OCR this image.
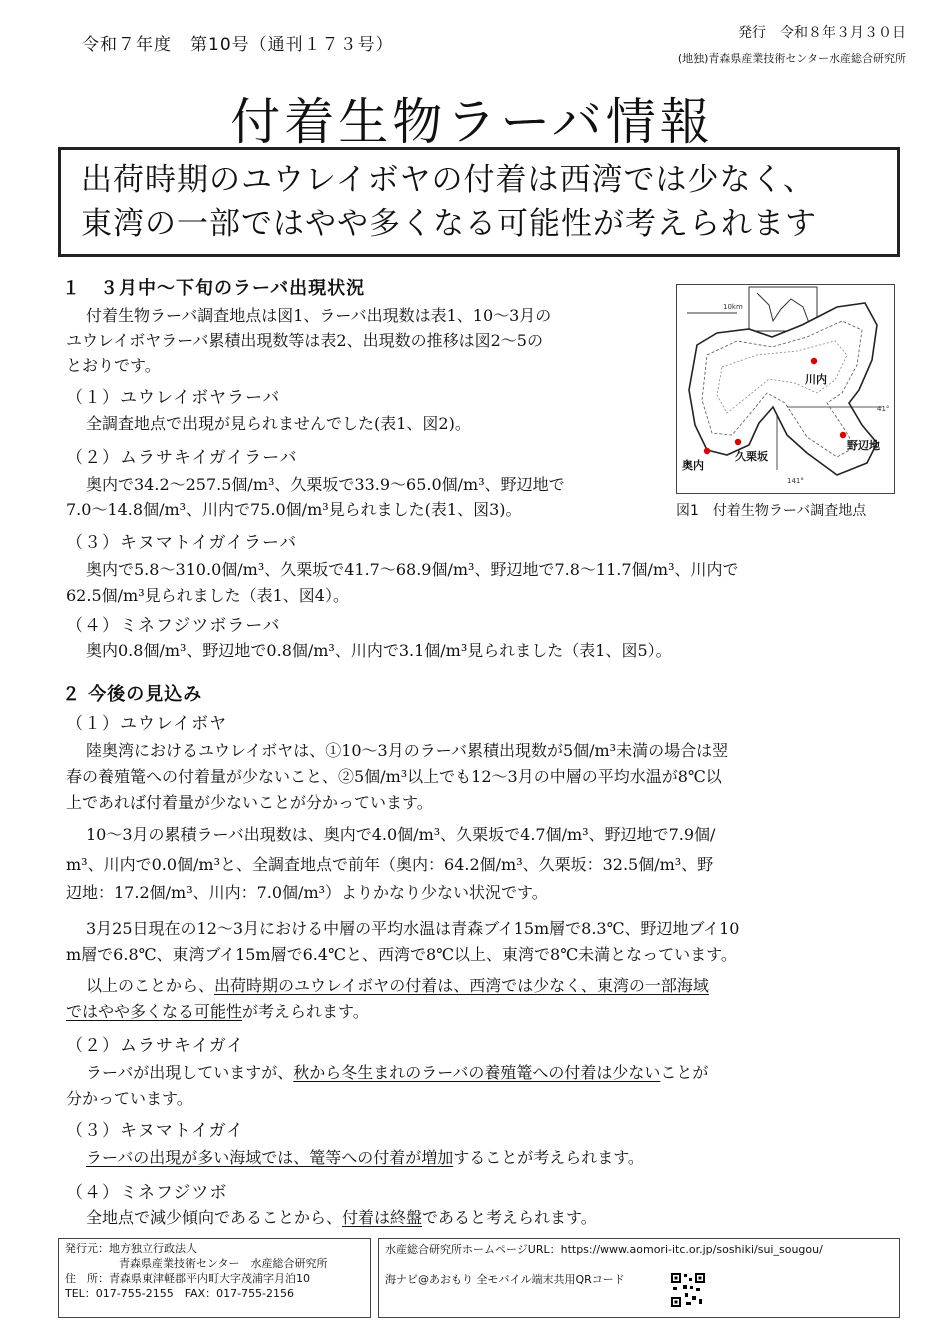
令和７年度　第10号（通刊１７３号）
発行　令和８年３月３０日
(地独)青森県産業技術センター水産総合研究所
付着生物ラーバ情報
出荷時期のユウレイボヤの付着は西湾では少なく、
東湾の一部ではやや多くなる可能性が考えられます
１　３月中～下旬のラーバ出現状況
付着生物ラーバ調査地点は図1、ラーバ出現数は表1、10～3月の
ユウレイボヤラーバ累積出現数等は表2、出現数の推移は図2～5の
とおりです。
（１）ユウレイボヤラーバ
全調査地点で出現が見られませんでした(表1、図2)。
（２）ムラサキイガイラーバ
奥内で34.2～257.5個/m³、久栗坂で33.9～65.0個/m³、野辺地で
7.0～14.8個/m³、川内で75.0個/m³見られました(表1、図3)。
（３）キヌマトイガイラーバ
奥内で5.8～310.0個/m³、久栗坂で41.7～68.9個/m³、野辺地で7.8～11.7個/m³、川内で
62.5個/m³見られました（表1、図4）。
（４）ミネフジツボラーバ
奥内0.8個/m³、野辺地で0.8個/m³、川内で3.1個/m³見られました（表1、図5）。
10km
41°
141°
川内
野辺地
久栗坂
奥内
図1　付着生物ラーバ調査地点
２ 今後の見込み
（１）ユウレイボヤ
陸奥湾におけるユウレイボヤは、①10～3月のラーバ累積出現数が5個/m³未満の場合は翌
春の養殖篭への付着量が少ないこと、②5個/m³以上でも12～3月の中層の平均水温が8℃以
上であれば付着量が少ないことが分かっています。
10～3月の累積ラーバ出現数は、奥内で4.0個/m³、久栗坂で4.7個/m³、野辺地で7.9個/
m³、川内で0.0個/m³と、全調査地点で前年（奥内：64.2個/m³、久栗坂：32.5個/m³、野
辺地：17.2個/m³、川内：7.0個/m³）よりかなり少ない状況です。
3月25日現在の12～3月における中層の平均水温は青森ブイ15m層で8.3℃、野辺地ブイ10
m層で6.8℃、東湾ブイ15m層で6.4℃と、西湾で8℃以上、東湾で8℃未満となっています。
以上のことから、出荷時期のユウレイボヤの付着は、西湾では少なく、東湾の一部海域
ではやや多くなる可能性が考えられます。
（２）ムラサキイガイ
ラーバが出現していますが、秋から冬生まれのラーバの養殖篭への付着は少ないことが
分かっています。
（３）キヌマトイガイ
ラーバの出現が多い海域では、篭等への付着が増加することが考えられます。
（４）ミネフジツボ
全地点で減少傾向であることから、付着は終盤であると考えられます。
発行元：地方独立行政法人
青森県産業技術センター　水産総合研究所
住　所：青森県東津軽郡平内町大字茂浦字月泊10
TEL：017-755-2155　FAX：017-755-2156
水産総合研究所ホームページURL：https://www.aomori-itc.or.jp/soshiki/sui_sougou/
海ナビ@あおもり 全モバイル端末共用QRコード
